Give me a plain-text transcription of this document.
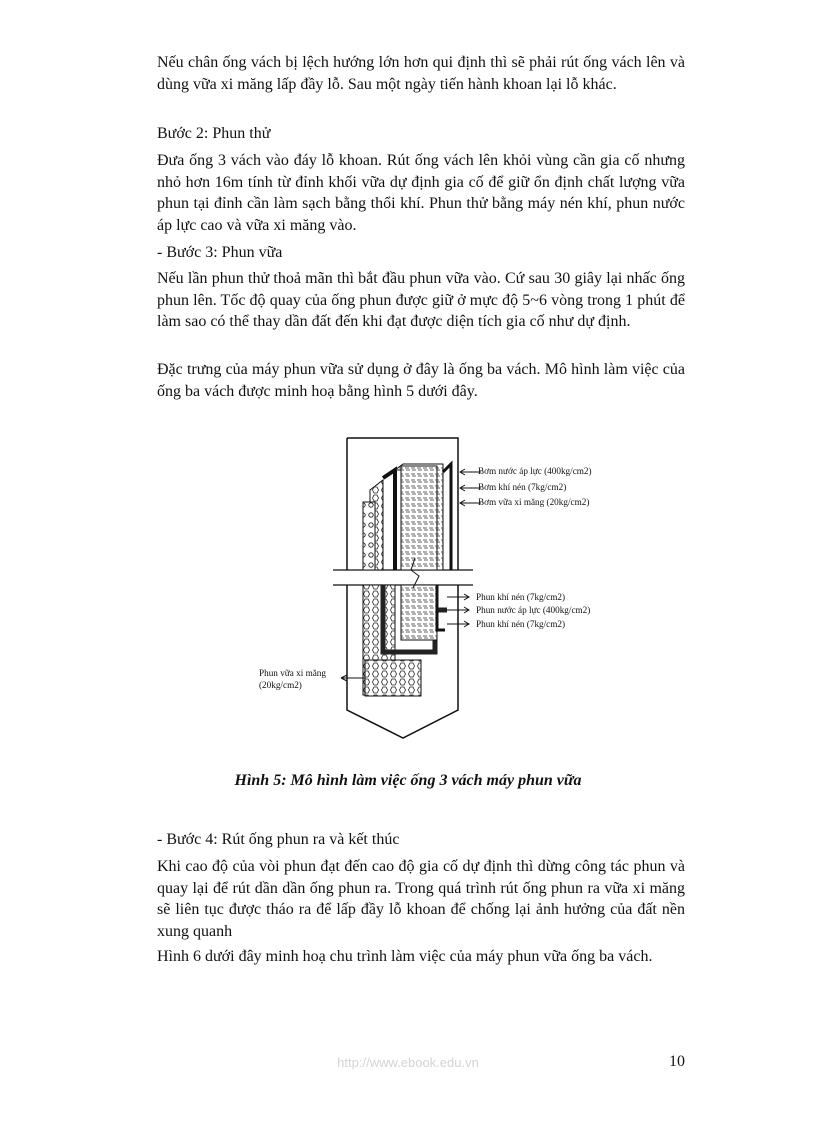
Nếu chân ống vách bị lệch hướng lớn hơn qui định thì sẽ phải rút ống vách lên và dùng vữa xi măng lấp đầy lỗ. Sau một ngày tiến hành khoan lại lỗ khác.

Bước 2: Phun thử

Đưa ống 3 vách vào đáy lỗ khoan. Rút ống vách lên khỏi vùng cần gia cố nhưng nhỏ hơn 16m tính từ đỉnh khối vữa dự định gia cố để giữ ổn định chất lượng vữa phun tại đỉnh cần làm sạch bằng thổi khí. Phun thử bằng máy nén khí, phun nước áp lực cao và vữa xi măng vào.

- Bước 3: Phun vữa

Nếu lần phun thử thoả mãn thì bắt đầu phun vữa vào. Cứ sau 30 giây lại nhấc ống phun lên. Tốc độ quay của ống phun được giữ ở mực độ 5~6 vòng trong 1 phút để làm sao có thể thay dần đất đến khi đạt được diện tích gia cố như dự định.

Đặc trưng của máy phun vữa sử dụng ở đây là ống ba vách. Mô hình làm việc của ống ba vách được minh hoạ bằng hình 5 dưới đây.

Bơm nước áp lực (400kg/cm2)
Bơm khí nén (7kg/cm2)
Bơm vữa xi măng (20kg/cm2)
Phun khí nén (7kg/cm2)
Phun nước áp lực (400kg/cm2)
Phun khí nén (7kg/cm2)
Phun vữa xi măng
(20kg/cm2)
Hình 5: Mô hình làm việc ống 3 vách máy phun vữa

- Bước 4: Rút ống phun ra và kết thúc

Khi cao độ của vòi phun đạt đến cao độ gia cố dự định thì dừng công tác phun và quay lại để rút dần dần ống phun ra. Trong quá trình rút ống phun ra vữa xi măng sẽ liên tục được tháo ra để lấp đầy lỗ khoan để chống lại ảnh hưởng của đất nền xung quanh

Hình 6 dưới đây minh hoạ chu trình làm việc của máy phun vữa ống ba vách.

http://www.ebook.edu.vn	10
